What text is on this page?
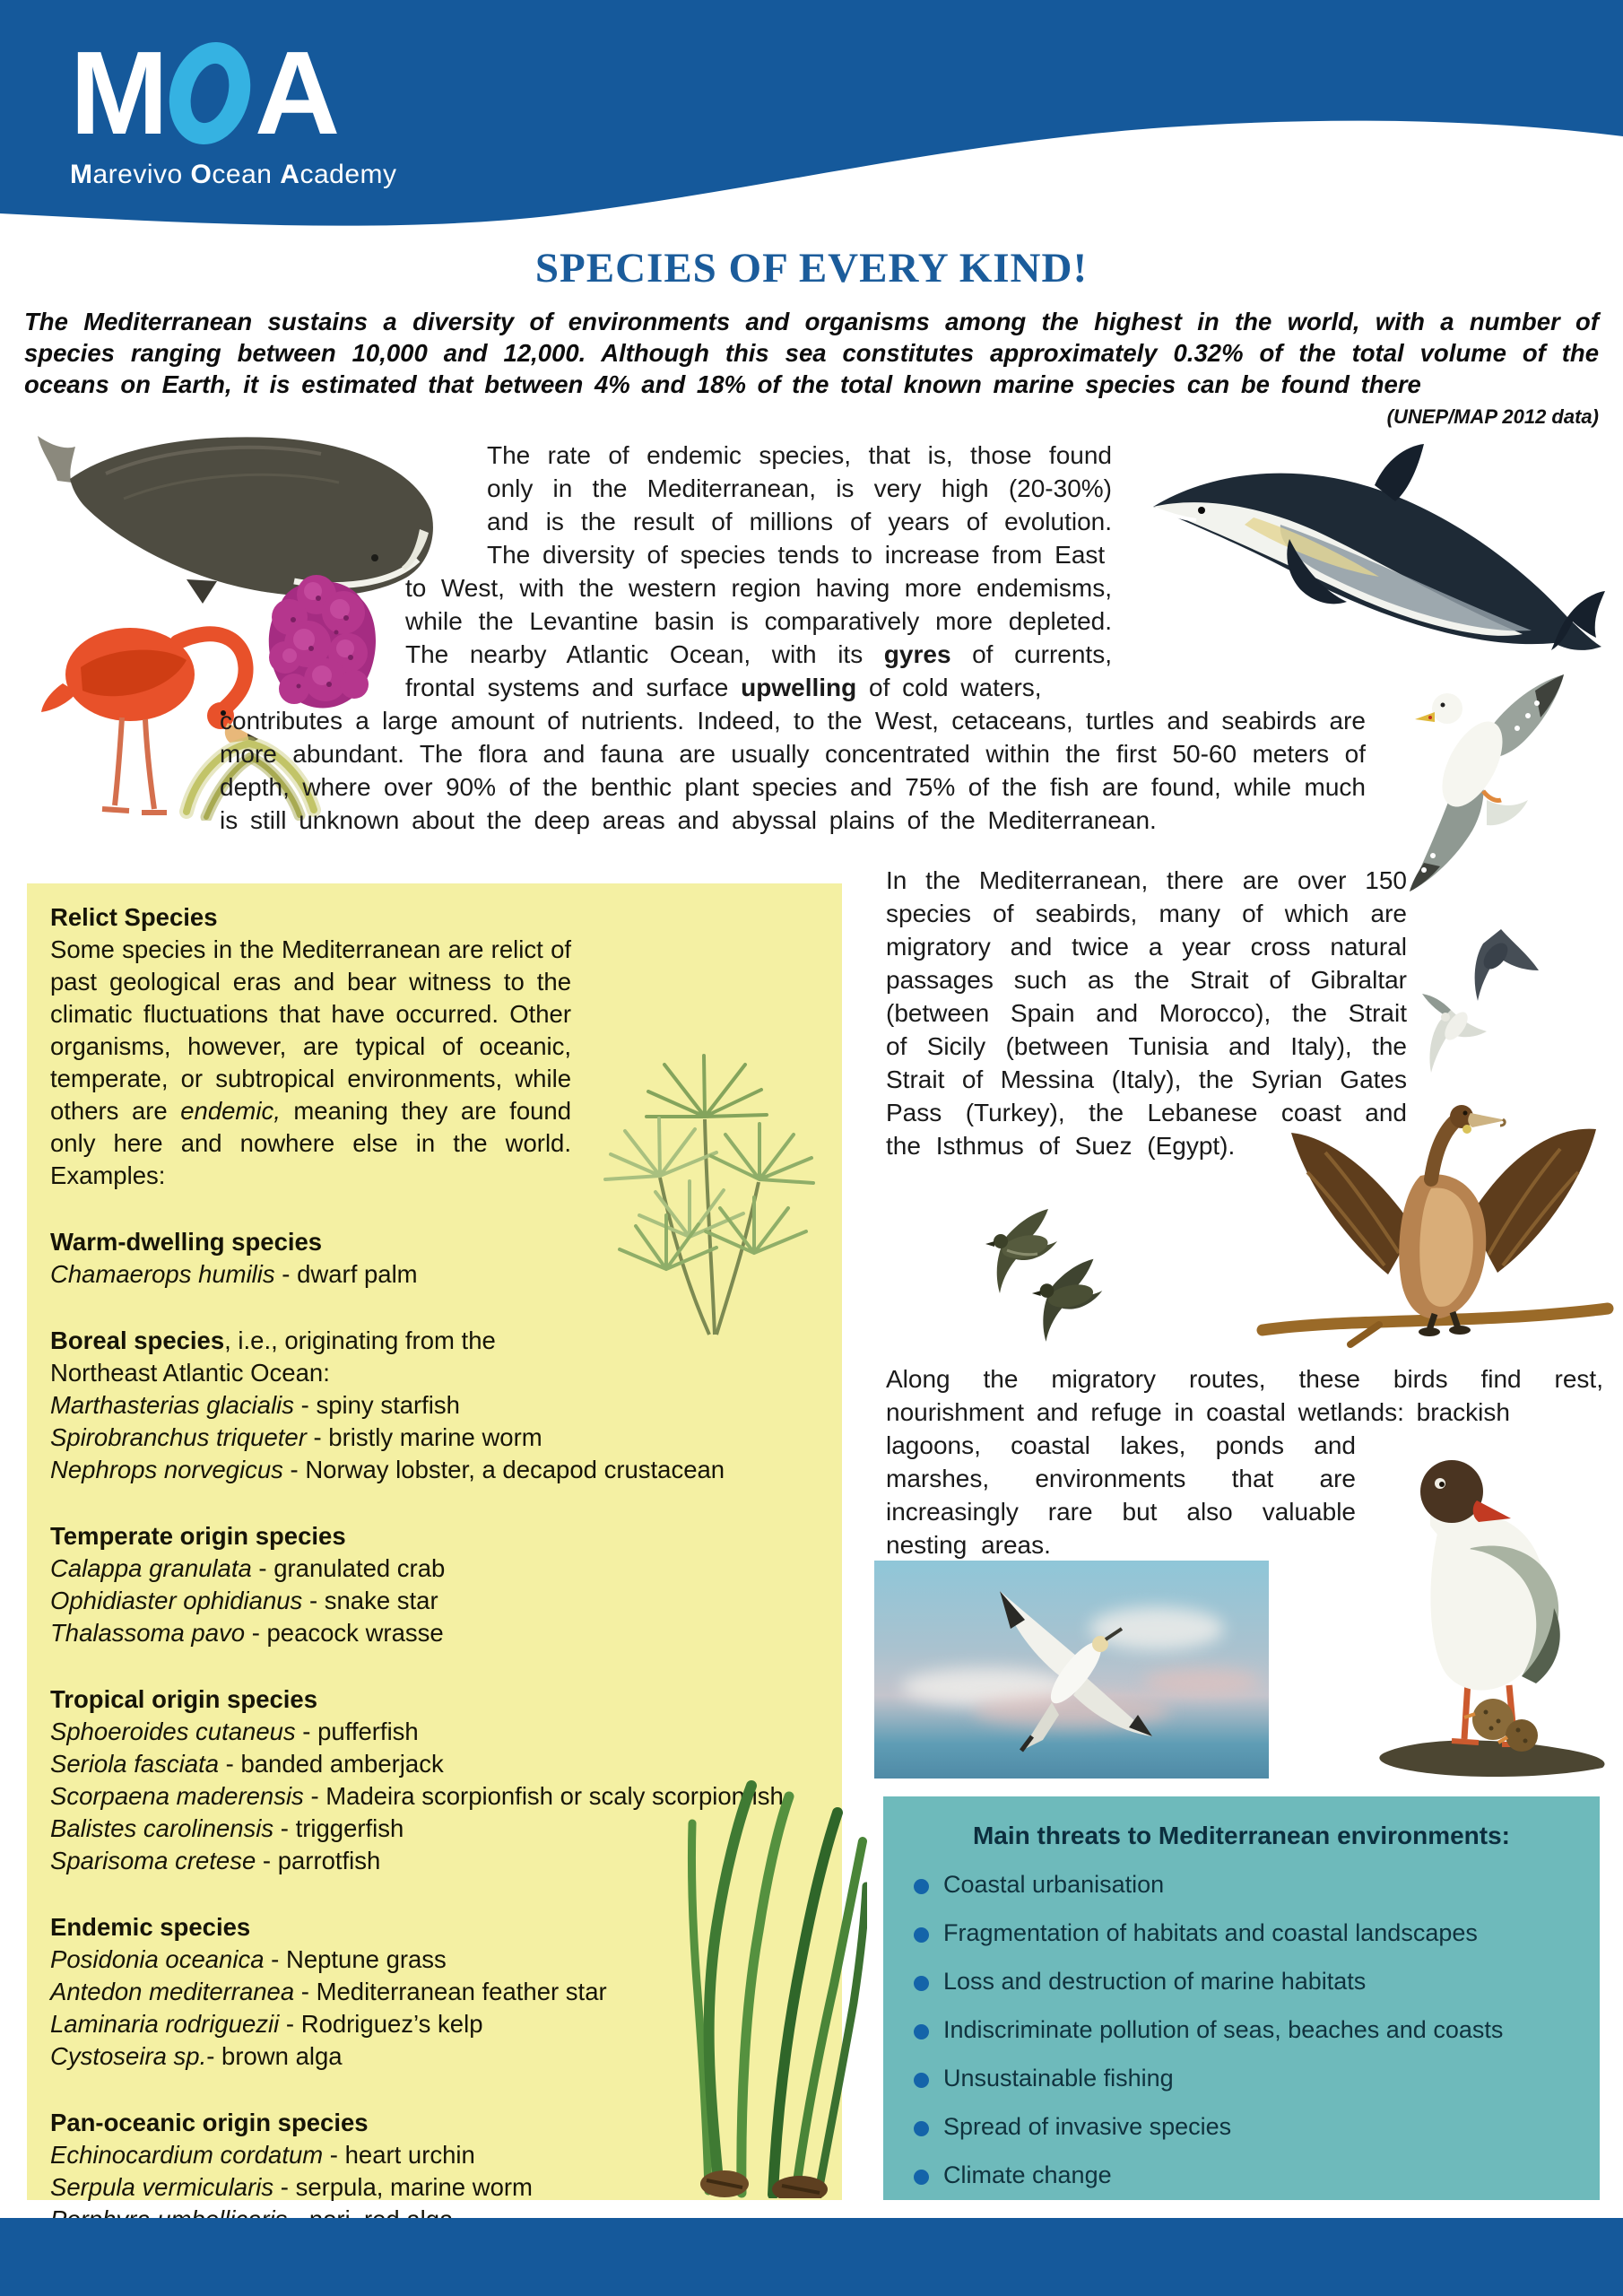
M A
Marevivo Ocean Academy
SPECIES OF EVERY KIND!

The Mediterranean sustains a diversity of environments and organisms among the highest in the world, with a number of species ranging between 10,000 and 12,000. Although this sea constitutes approximately 0.32% of the total volume of the oceans on Earth, it is estimated that between 4% and 18% of the total known marine species can be found there

(UNEP/MAP 2012 data)

The rate of endemic species, that is, those found only in the Mediterranean, is very high (20-30%) and is the result of millions of years of evolution. The diversity of species tends to increase from East

to West, with the western region having more endemisms, while the Levantine basin is comparatively more depleted. The nearby Atlantic Ocean, with its gyres of currents, frontal systems and surface upwelling of cold waters,

contributes a large amount of nutrients. Indeed, to the West, cetaceans, turtles and seabirds are more abundant. The flora and fauna are usually concentrated within the first 50-60 meters of depth, where over 90% of the benthic plant species and 75% of the fish are found, while much is still unknown about the deep areas and abyssal plains of the Mediterranean.

Relict Species

Some species in the Mediterranean are relict of past geological eras and bear witness to the climatic fluctuations that have occurred. Other organisms, however, are typical of oceanic, temperate, or subtropical environments, while others are endemic, meaning they are found only here and nowhere else in the world. Examples:

Warm-dwelling species
Chamaerops humilis - dwarf palm
Boreal species, i.e., originating from the Northeast Atlantic Ocean:
Marthasterias glacialis - spiny starfish
Spirobranchus triqueter - bristly marine worm
Nephrops norvegicus - Norway lobster, a decapod crustacean
Temperate origin species
Calappa granulata - granulated crab
Ophidiaster ophidianus - snake star
Thalassoma pavo - peacock wrasse
Tropical origin species
Sphoeroides cutaneus - pufferfish
Seriola fasciata - banded amberjack
Scorpaena maderensis - Madeira scorpionfish or scaly scorpionfish
Balistes carolinensis - triggerfish
Sparisoma cretese - parrotfish
Endemic species
Posidonia oceanica - Neptune grass
Antedon mediterranea - Mediterranean feather star
Laminaria rodriguezii - Rodriguez’s kelp
Cystoseira sp.- brown alga
Pan-oceanic origin species
Echinocardium cordatum - heart urchin
Serpula vermicularis - serpula, marine worm

In the Mediterranean, there are over 150 species of seabirds, many of which are migratory and twice a year cross natural passages such as the Strait of Gibraltar (between Spain and Morocco), the Strait of Sicily (between Tunisia and Italy), the Strait of Messina (Italy), the Syrian Gates Pass (Turkey), the Lebanese coast and the Isthmus of Suez (Egypt).

Along the migratory routes, these birds find rest, nourishment and refuge in coastal wetlands: brackish

lagoons, coastal lakes, ponds and marshes, environments that are increasingly rare but also valuable nesting areas.

Main threats to Mediterranean environments:
Coastal urbanisation
Fragmentation of habitats and coastal landscapes
Loss and destruction of marine habitats
Indiscriminate pollution of seas, beaches and coasts
Unsustainable fishing
Spread of invasive species
Climate change
